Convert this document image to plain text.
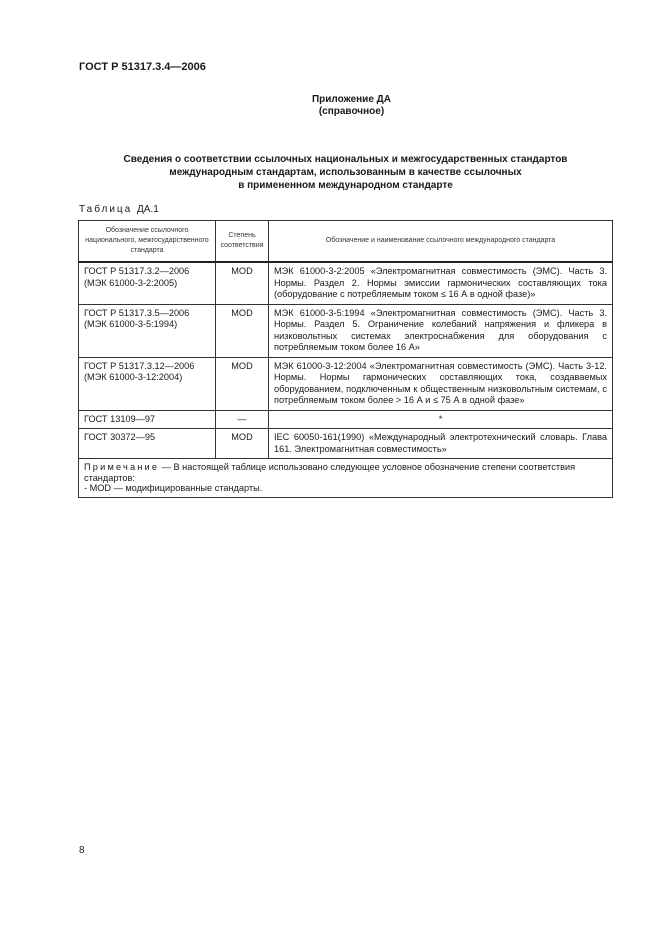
ГОСТ Р 51317.3.4—2006
Приложение ДА
(справочное)
Сведения о соответствии ссылочных национальных и межгосударственных стандартов
международным стандартам, использованным в качестве ссылочных
в примененном международном стандарте
Таблица ДА.1
Обозначение ссылочного национального, межгосударственного стандарта	Степень соответствия	Обозначение и наименование ссылочного международного стандарта

ГОСТ Р 51317.3.2—2006
(МЭК 61000-3-2:2005)	MOD	МЭК 61000-3-2:2005 «Электромагнитная совместимость (ЭМС). Часть 3. Нормы. Раздел 2. Нормы эмиссии гармонических составляющих тока (оборудование с потребляемым током ≤ 16 А в одной фазе)»

ГОСТ Р 51317.3.5—2006
(МЭК 61000-3-5:1994)	MOD	МЭК 61000-3-5:1994 «Электромагнитная совместимость (ЭМС). Часть 3. Нормы. Раздел 5. Ограничение колебаний напряжения и фликера в низковольтных системах электроснабжения для оборудования с потребляемым током более 16 А»

ГОСТ Р 51317.3.12—2006
(МЭК 61000-3-12:2004)	MOD	МЭК 61000-3-12:2004 «Электромагнитная совместимость (ЭМС). Часть 3-12. Нормы. Нормы гармонических составляющих тока, создаваемых оборудованием, подключенным к общественным низковольтным системам, с потребляемым током более > 16 А и ≤ 75 А в одной фазе»

ГОСТ 13109—97	—	*

ГОСТ 30372—95	MOD	IEC 60050-161(1990) «Международный электротехнический словарь. Глава 161. Электромагнитная совместимость»
Примечание — В настоящей таблице использовано следующее условное обозначение степени соответствия стандартов:
- MOD — модифицированные стандарты.		
8
